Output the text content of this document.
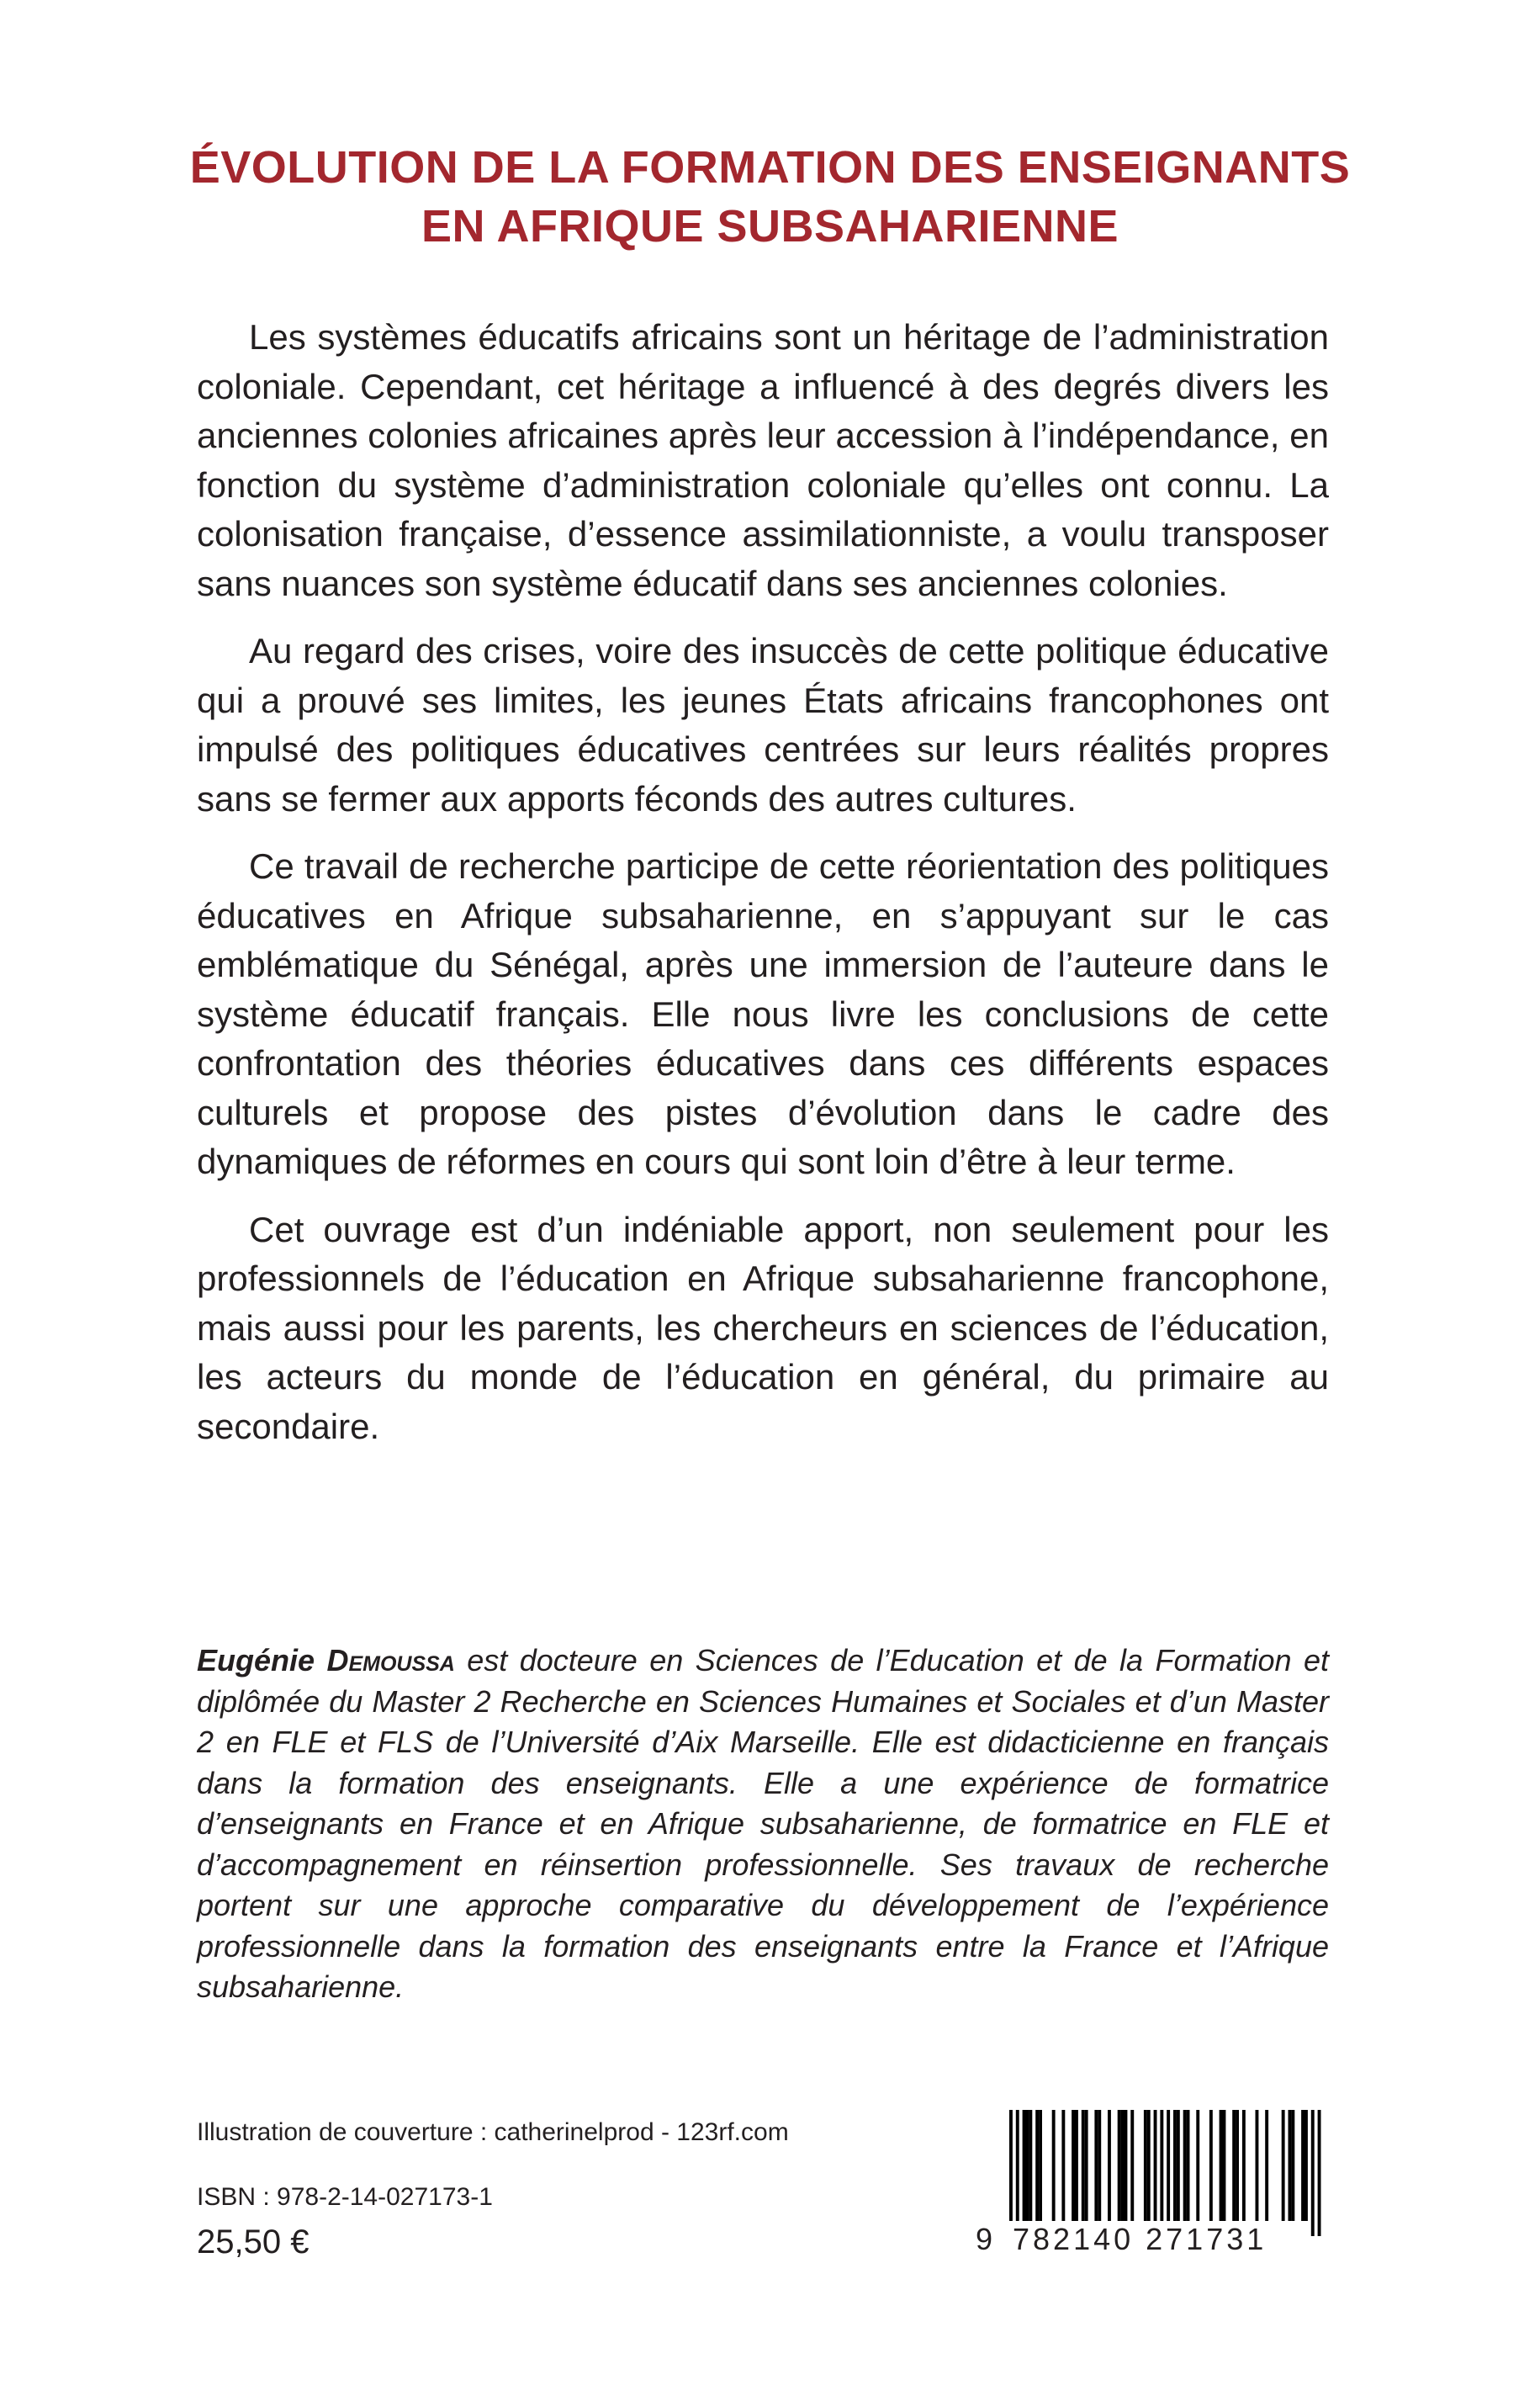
ÉVOLUTION DE LA FORMATION DES ENSEIGNANTS
EN AFRIQUE SUBSAHARIENNE

Les systèmes éducatifs africains sont un héritage de l’administration coloniale. Cependant, cet héritage a influencé à des degrés divers les anciennes colonies africaines après leur accession à l’indépendance, en fonction du système d’administration coloniale qu’elles ont connu. La colonisation française, d’essence assimilationniste, a voulu transposer sans nuances son système éducatif dans ses anciennes colonies.

Au regard des crises, voire des insuccès de cette politique éducative qui a prouvé ses limites, les jeunes États africains francophones ont impulsé des politiques éducatives centrées sur leurs réalités propres sans se fermer aux apports féconds des autres cultures.

Ce travail de recherche participe de cette réorientation des politiques éducatives en Afrique subsaharienne, en s’appuyant sur le cas emblématique du Sénégal, après une immersion de l’auteure dans le système éducatif français. Elle nous livre les conclusions de cette confrontation des théories éducatives dans ces différents espaces culturels et propose des pistes d’évolution dans le cadre des dynamiques de réformes en cours qui sont loin d’être à leur terme.

Cet ouvrage est d’un indéniable apport, non seulement pour les professionnels de l’éducation en Afrique subsaharienne francophone, mais aussi pour les parents, les chercheurs en sciences de l’éducation, les acteurs du monde de l’éducation en général, du primaire au secondaire.

Eugénie Demoussa est docteure en Sciences de l’Education et de la Formation et diplômée du Master 2 Recherche en Sciences Humaines et Sociales et d’un Master 2 en FLE et FLS de l’Université d’Aix Marseille. Elle est didacticienne en français dans la formation des enseignants. Elle a une expérience de formatrice d’enseignants en France et en Afrique subsaharienne, de formatrice en FLE et d’accompagnement en réinsertion professionnelle. Ses travaux de recherche portent sur une approche comparative du développement de l’expérience professionnelle dans la formation des enseignants entre la France et l’Afrique subsaharienne.

Illustration de couverture : catherinelprod - 123rf.com
ISBN : 978-2-14-027173-1
25,50 €	9 782140 271731
